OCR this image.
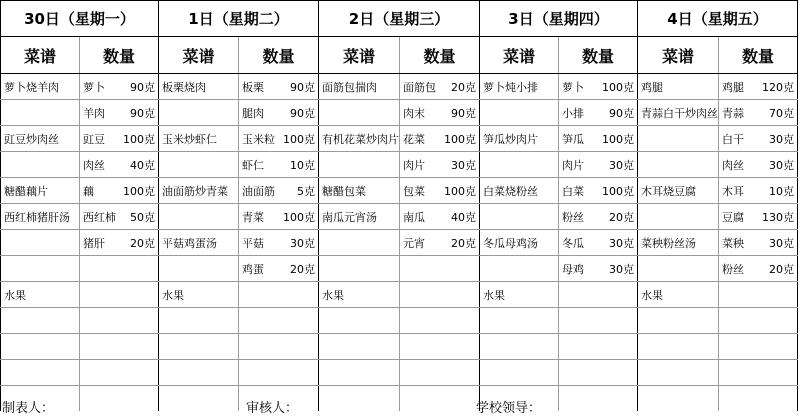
30日（星期一）		1日（星期二）		2日（星期三）		3日（星期四）		4日（星期五）	
菜谱	数量	菜谱	数量	菜谱	数量	菜谱	数量	菜谱	数量
萝卜烧羊肉	萝卜 90克	板栗烧肉	板栗 90克	面筋包揣肉	面筋包 20克	萝卜炖小排	萝卜 100克	鸡腿	鸡腿 120克

	羊肉 90克		腿肉 90克		肉末 90克		小排 90克	青蒜白干炒肉丝	青蒜 70克

豇豆炒肉丝	豇豆 100克	玉米炒虾仁	玉米粒 100克	有机花菜炒肉片	花菜 100克	笋瓜炒肉片	笋瓜 100克		白干 30克

	肉丝 40克		虾仁 10克		肉片 30克		肉片 30克		肉丝 30克

糖醋藕片	藕 100克	油面筋炒青菜	油面筋 5克	糖醋包菜	包菜 100克	白菜烧粉丝	白菜 100克	木耳烧豆腐	木耳 10克

西红柿猪肝汤	西红柿 50克		青菜 100克	南瓜元宵汤	南瓜 40克		粉丝 20克		豆腐 130克

	猪肝 20克	平菇鸡蛋汤	平菇 30克		元宵 20克	冬瓜母鸡汤	冬瓜 30克	菜秧粉丝汤	菜秧 30克

			鸡蛋 20克				母鸡 30克		粉丝 20克

水果		水果		水果		水果		水果	

制表人：	审核人：	学校领导：
